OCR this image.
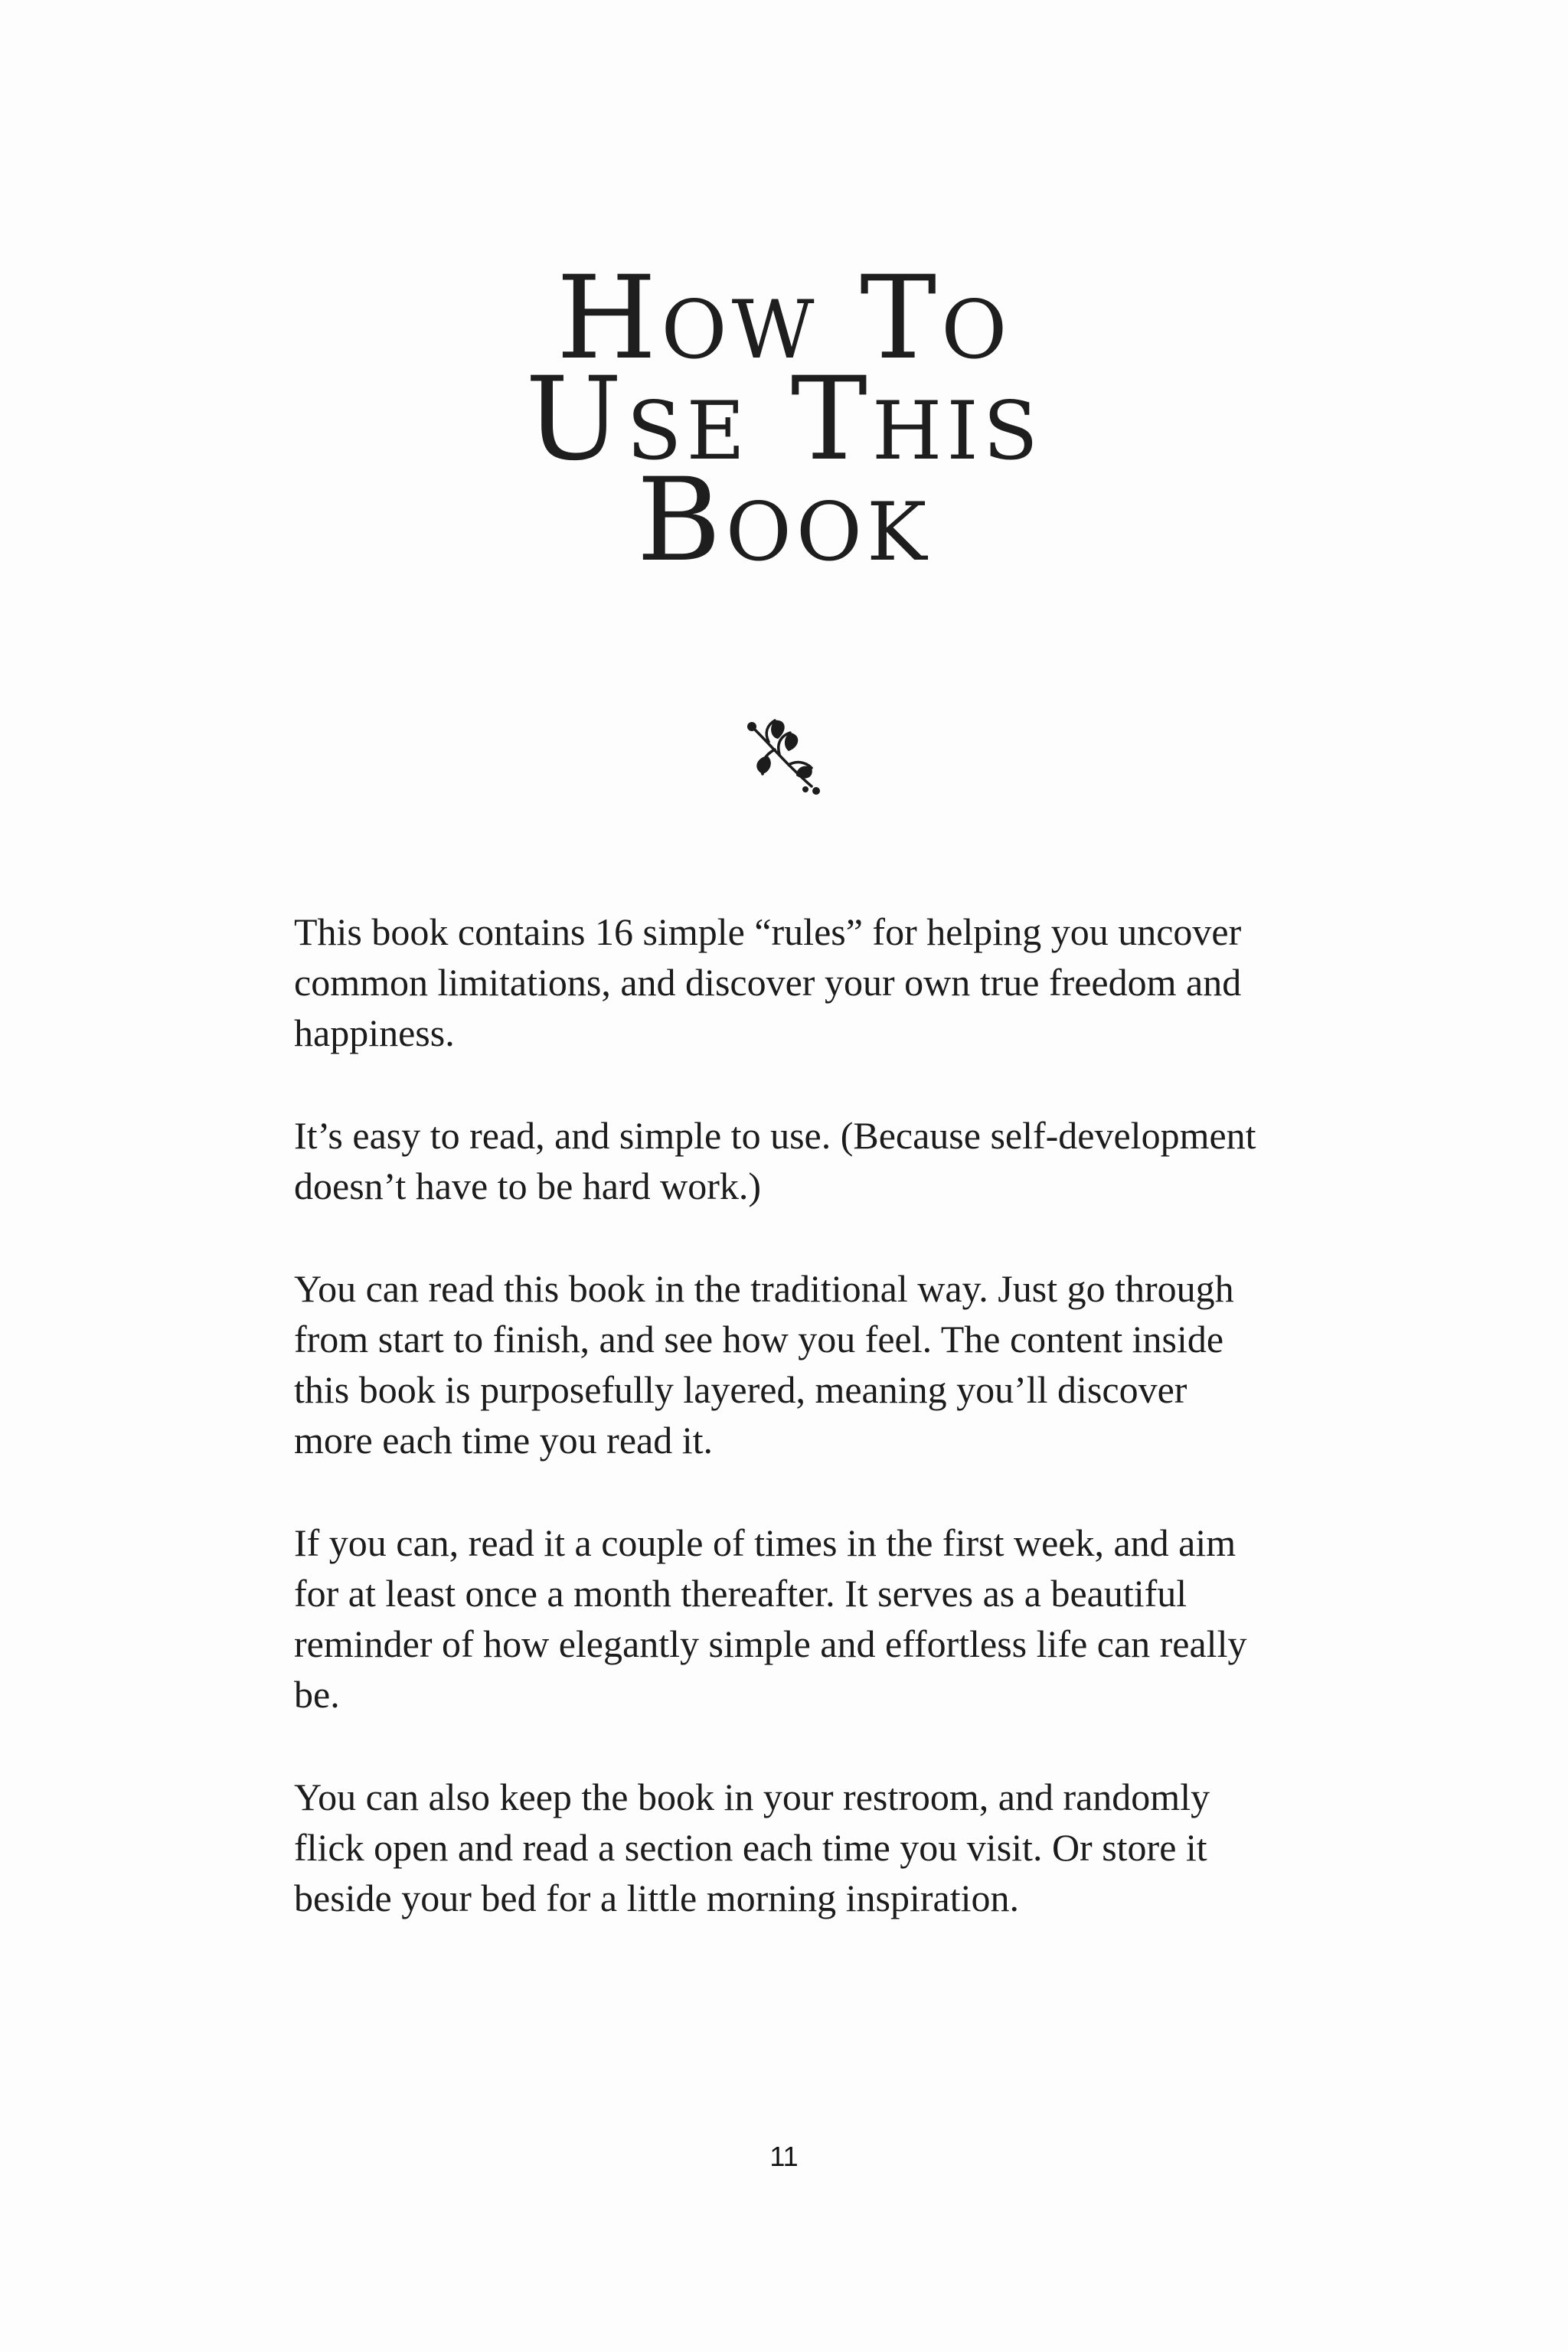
How To
Use This
Book

This book contains 16 simple “rules” for helping you uncover
common limitations, and discover your own true freedom and
happiness.

It’s easy to read, and simple to use. (Because self-development
doesn’t have to be hard work.)

You can read this book in the traditional way. Just go through
from start to finish, and see how you feel. The content inside
this book is purposefully layered, meaning you’ll discover
more each time you read it.

If you can, read it a couple of times in the first week, and aim
for at least once a month thereafter. It serves as a beautiful
reminder of how elegantly simple and effortless life can really
be.

You can also keep the book in your restroom, and randomly
flick open and read a section each time you visit. Or store it
beside your bed for a little morning inspiration.

11
